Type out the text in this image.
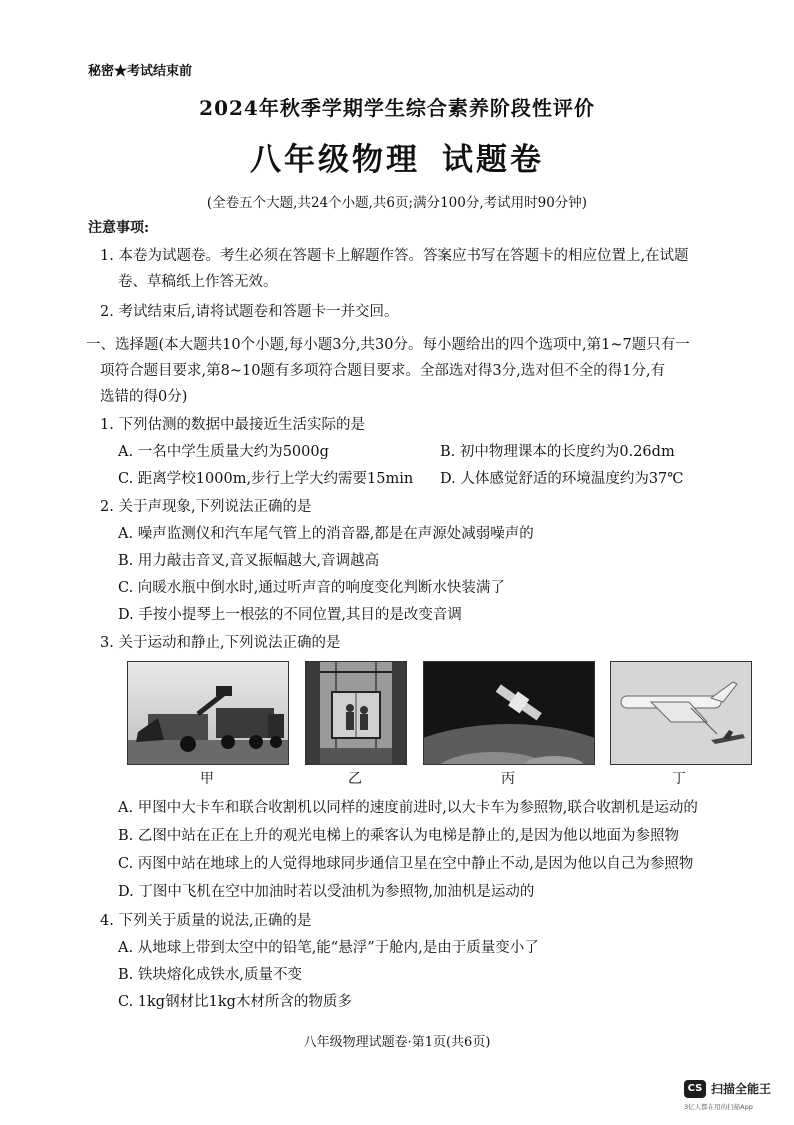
秘密★考试结束前
2024年秋季学期学生综合素养阶段性评价
八年级物理 试题卷
(全卷五个大题,共24个小题,共6页;满分100分,考试用时90分钟)
注意事项:
1. 本卷为试题卷。考生必须在答题卡上解题作答。答案应书写在答题卡的相应位置上,在试题
卷、草稿纸上作答无效。
2. 考试结束后,请将试题卷和答题卡一并交回。
一、选择题(本大题共10个小题,每小题3分,共30分。每小题给出的四个选项中,第1~7题只有一
项符合题目要求,第8~10题有多项符合题目要求。全部选对得3分,选对但不全的得1分,有
选错的得0分)
1. 下列估测的数据中最接近生活实际的是
A. 一名中学生质量大约为5000g	B. 初中物理课本的长度约为0.26dm
C. 距离学校1000m,步行上学大约需要15min D. 人体感觉舒适的环境温度约为37℃
2. 关于声现象,下列说法正确的是
A. 噪声监测仪和汽车尾气管上的消音器,都是在声源处减弱噪声的
B. 用力敲击音叉,音叉振幅越大,音调越高
C. 向暖水瓶中倒水时,通过听声音的响度变化判断水快装满了
D. 手按小提琴上一根弦的不同位置,其目的是改变音调
3. 关于运动和静止,下列说法正确的是
甲	乙	丙	丁
A. 甲图中大卡车和联合收割机以同样的速度前进时,以大卡车为参照物,联合收割机是运动的
B. 乙图中站在正在上升的观光电梯上的乘客认为电梯是静止的,是因为他以地面为参照物
C. 丙图中站在地球上的人觉得地球同步通信卫星在空中静止不动,是因为他以自己为参照物
D. 丁图中飞机在空中加油时若以受油机为参照物,加油机是运动的
4. 下列关于质量的说法,正确的是
A. 从地球上带到太空中的铅笔,能“悬浮”于舱内,是由于质量变小了
B. 铁块熔化成铁水,质量不变
C. 1kg钢材比1kg木材所含的物质多
八年级物理试题卷·第1页(共6页)
CS 扫描全能王
3亿人都在用的扫描App
